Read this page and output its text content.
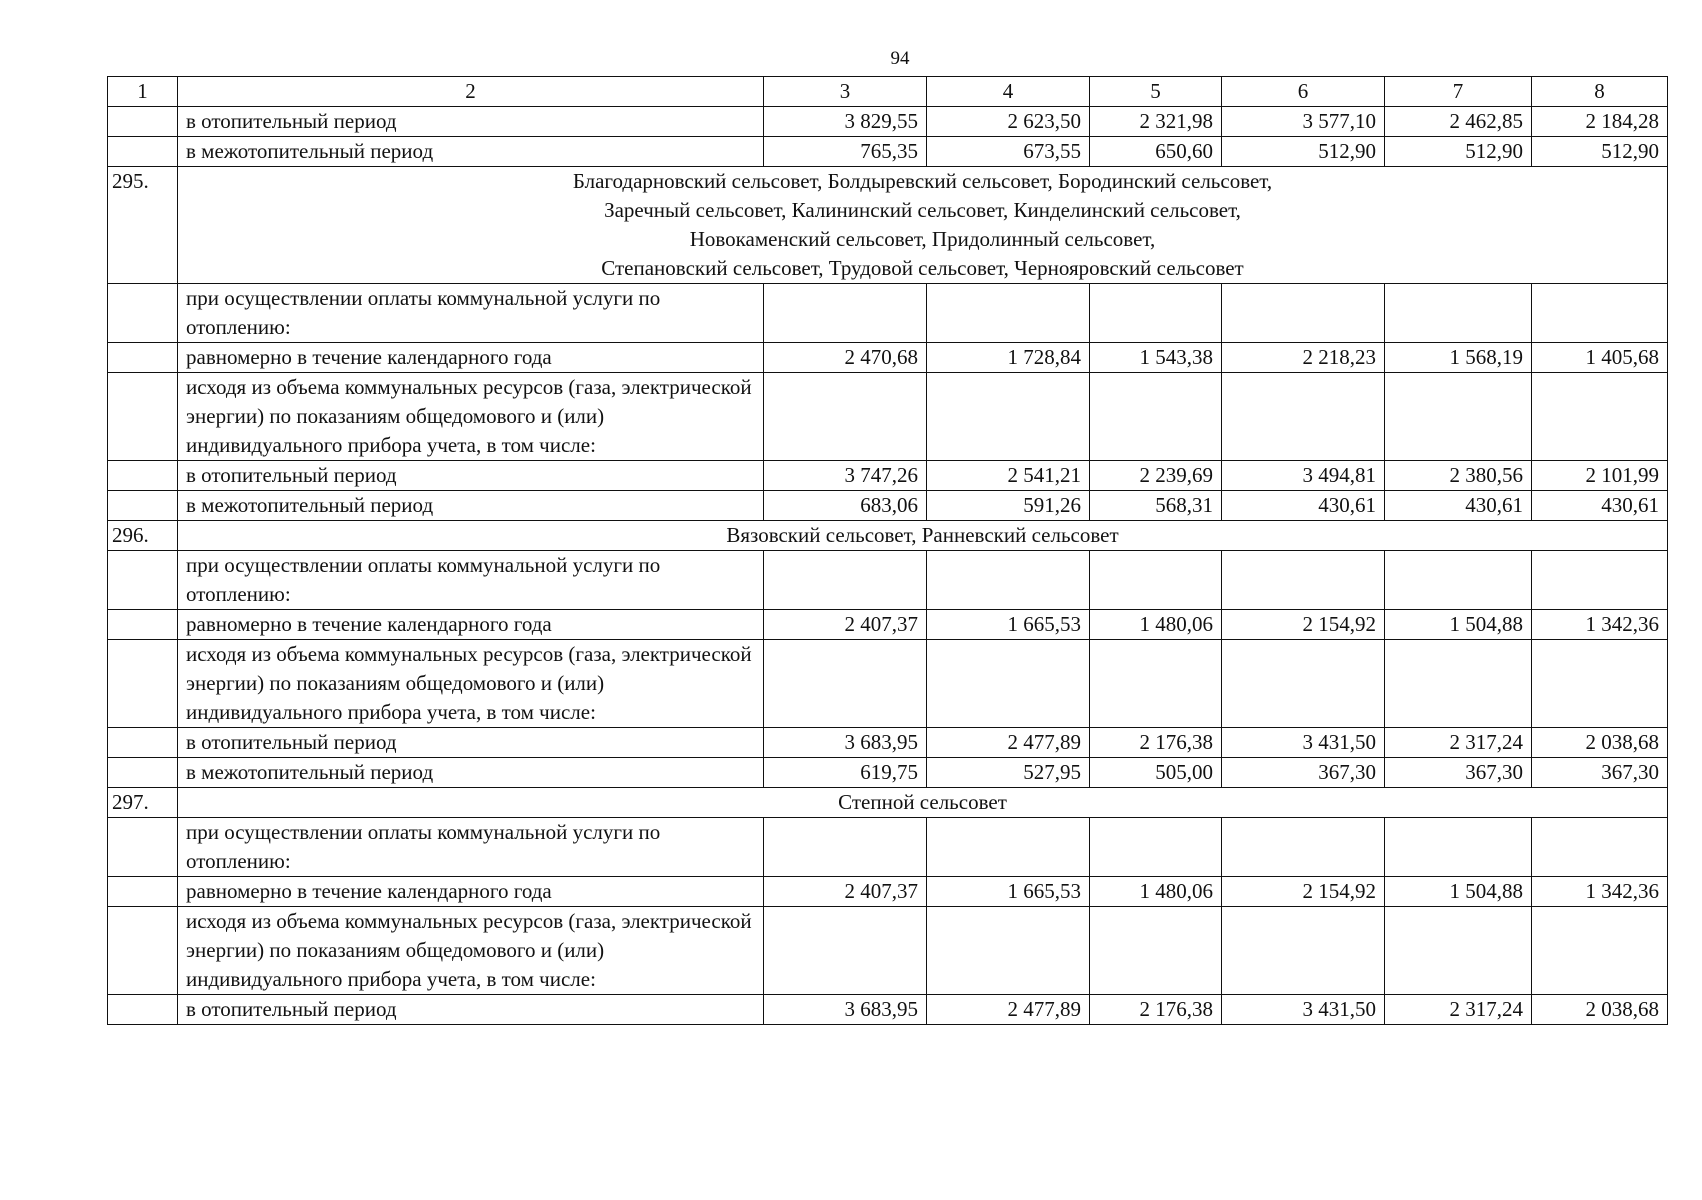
94
1	2	3	4	5	6	7	8
	в отопительный период	3 829,55	2 623,50	2 321,98	3 577,10	2 462,85	2 184,28
	в межотопительный период	765,35	673,55	650,60	512,90	512,90	512,90
295.	Благодарновский сельсовет, Болдыревский сельсовет, Бородинский сельсовет,
Заречный сельсовет, Калининский сельсовет, Кинделинский сельсовет,
Новокаменский сельсовет, Придолинный сельсовет,
Степановский сельсовет, Трудовой сельсовет, Чернояровский сельсовет						

	при осуществлении оплаты коммунальной услуги по отоплению:						
	равномерно в течение календарного года	2 470,68	1 728,84	1 543,38	2 218,23	1 568,19	1 405,68
	исходя из объема коммунальных ресурсов (газа, электрической энергии) по показаниям общедомового и (или) индивидуального прибора учета, в том числе:						
	в отопительный период	3 747,26	2 541,21	2 239,69	3 494,81	2 380,56	2 101,99
	в межотопительный период	683,06	591,26	568,31	430,61	430,61	430,61
296.	Вязовский сельсовет, Ранневский сельсовет						

	при осуществлении оплаты коммунальной услуги по отоплению:						
	равномерно в течение календарного года	2 407,37	1 665,53	1 480,06	2 154,92	1 504,88	1 342,36
	исходя из объема коммунальных ресурсов (газа, электрической энергии) по показаниям общедомового и (или) индивидуального прибора учета, в том числе:						
	в отопительный период	3 683,95	2 477,89	2 176,38	3 431,50	2 317,24	2 038,68
	в межотопительный период	619,75	527,95	505,00	367,30	367,30	367,30
297.	Степной сельсовет						

	при осуществлении оплаты коммунальной услуги по отоплению:						
	равномерно в течение календарного года	2 407,37	1 665,53	1 480,06	2 154,92	1 504,88	1 342,36
	исходя из объема коммунальных ресурсов (газа, электрической энергии) по показаниям общедомового и (или) индивидуального прибора учета, в том числе:						
	в отопительный период	3 683,95	2 477,89	2 176,38	3 431,50	2 317,24	2 038,68
